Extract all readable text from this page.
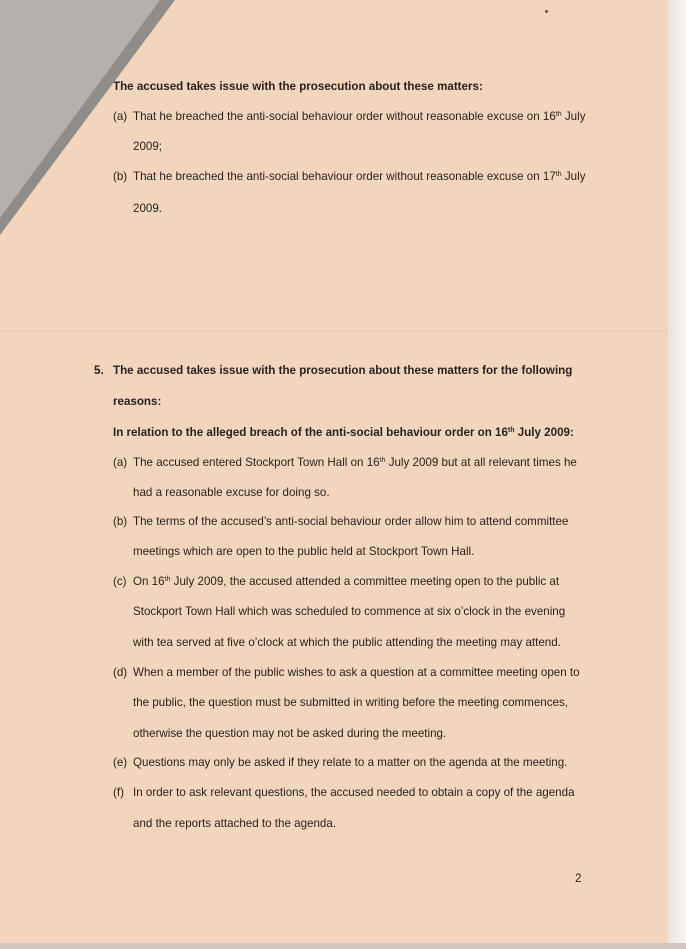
The accused takes issue with the prosecution about these matters:
(a) That he breached the anti-social behaviour order without reasonable excuse on 16th July
2009;
(b) That he breached the anti-social behaviour order without reasonable excuse on 17th July
2009.
5. The accused takes issue with the prosecution about these matters for the following
reasons:
In relation to the alleged breach of the anti-social behaviour order on 16th July 2009:
(a) The accused entered Stockport Town Hall on 16th July 2009 but at all relevant times he
had a reasonable excuse for doing so.
(b) The terms of the accused’s anti-social behaviour order allow him to attend committee
meetings which are open to the public held at Stockport Town Hall.
(c) On 16th July 2009, the accused attended a committee meeting open to the public at
Stockport Town Hall which was scheduled to commence at six o’clock in the evening
with tea served at five o’clock at which the public attending the meeting may attend.
(d) When a member of the public wishes to ask a question at a committee meeting open to
the public, the question must be submitted in writing before the meeting commences,
otherwise the question may not be asked during the meeting.
(e) Questions may only be asked if they relate to a matter on the agenda at the meeting.
(f) In order to ask relevant questions, the accused needed to obtain a copy of the agenda
and the reports attached to the agenda.
2
